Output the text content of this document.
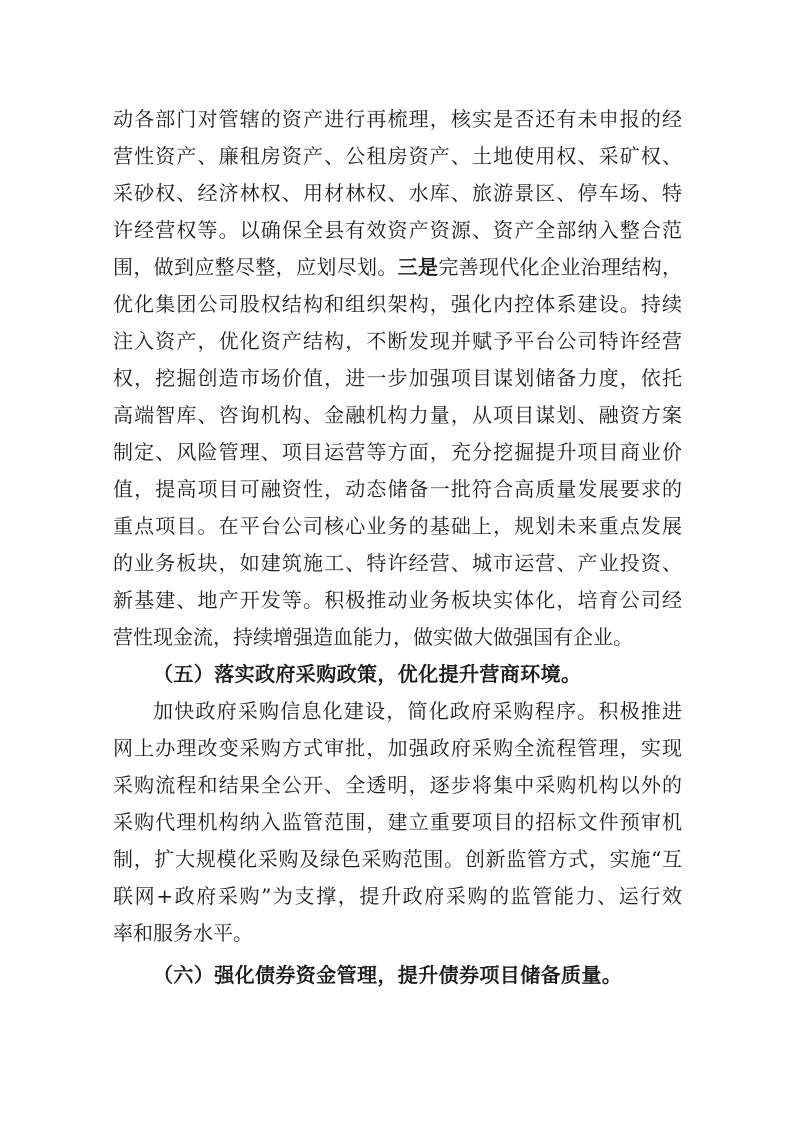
动各部门对管辖的资产进行再梳理，核实是否还有未申报的经
营性资产、廉租房资产、公租房资产、土地使用权、采矿权、
采砂权、经济林权、用材林权、水库、旅游景区、停车场、特
许经营权等。以确保全县有效资产资源、资产全部纳入整合范
围，做到应整尽整，应划尽划。三是完善现代化企业治理结构，
优化集团公司股权结构和组织架构，强化内控体系建设。持续
注入资产，优化资产结构，不断发现并赋予平台公司特许经营
权，挖掘创造市场价值，进一步加强项目谋划储备力度，依托
高端智库、咨询机构、金融机构力量，从项目谋划、融资方案
制定、风险管理、项目运营等方面，充分挖掘提升项目商业价
值，提高项目可融资性，动态储备一批符合高质量发展要求的
重点项目。在平台公司核心业务的基础上，规划未来重点发展
的业务板块，如建筑施工、特许经营、城市运营、产业投资、
新基建、地产开发等。积极推动业务板块实体化，培育公司经
营性现金流，持续增强造血能力，做实做大做强国有企业。
（五）落实政府采购政策，优化提升营商环境。
加快政府采购信息化建设，简化政府采购程序。积极推进
网上办理改变采购方式审批，加强政府采购全流程管理，实现
采购流程和结果全公开、全透明，逐步将集中采购机构以外的
采购代理机构纳入监管范围，建立重要项目的招标文件预审机
制，扩大规模化采购及绿色采购范围。创新监管方式，实施“互
联网+政府采购”为支撑，提升政府采购的监管能力、运行效
率和服务水平。
（六）强化债券资金管理，提升债券项目储备质量。
